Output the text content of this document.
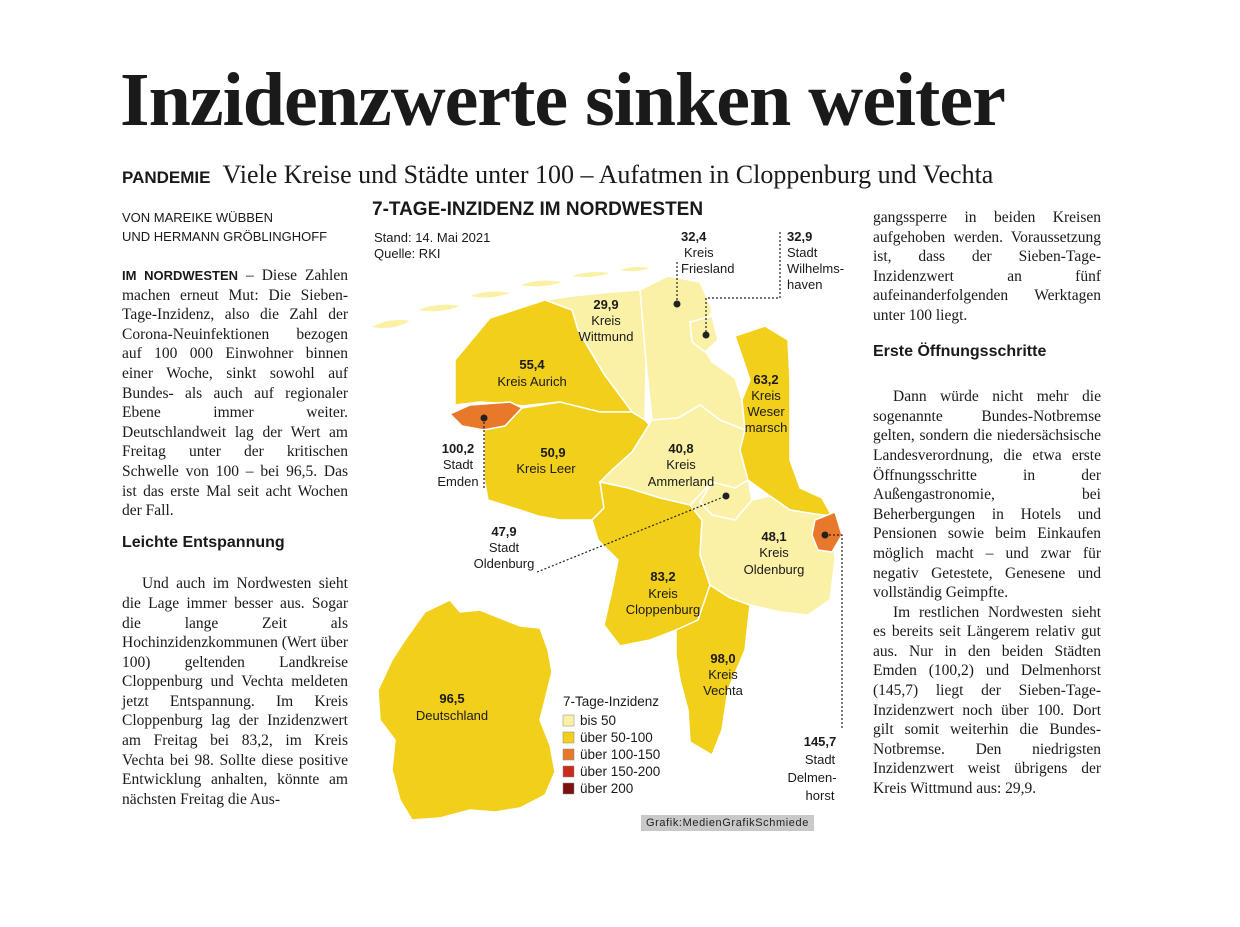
Inzidenzwerte sinken weiter
PANDEMIE Viele Kreise und Städte unter 100 – Aufatmen in Cloppenburg und Vechta
VON MAREIKE WÜBBEN
UND HERMANN GRÖBLINGHOFF

IM NORDWESTEN – Diese Zahlen machen erneut Mut: Die Sieben-Tage-Inzidenz, also die Zahl der Corona-Neuinfektionen bezogen auf 100 000 Einwohner binnen einer Woche, sinkt sowohl auf Bundes- als auch auf regionaler Ebene immer weiter. Deutschlandweit lag der Wert am Freitag unter der kritischen Schwelle von 100 – bei 96,5. Das ist das erste Mal seit acht Wochen der Fall.

Leichte Entspannung

Und auch im Nordwesten sieht die Lage immer besser aus. Sogar die lange Zeit als Hochinzidenzkommunen (Wert über 100) geltenden Landkreise Cloppenburg und Vechta meldeten jetzt Entspannung. Im Kreis Cloppenburg lag der Inzidenzwert am Freitag bei 83,2, im Kreis Vechta bei 98. Sollte diese positive Entwicklung anhalten, könnte am nächsten Freitag die Aus-

gangssperre in beiden Kreisen aufgehoben werden. Voraussetzung ist, dass der Sieben-Tage-Inzidenzwert an fünf aufeinanderfolgenden Werktagen unter 100 liegt.

Erste Öffnungsschritte

Dann würde nicht mehr die sogenannte Bundes-Notbremse gelten, sondern die niedersächsische Landesverordnung, die etwa erste Öffnungsschritte in der Außengastronomie, bei Beherbergungen in Hotels und Pensionen sowie beim Einkaufen möglich macht – und zwar für negativ Getestete, Genesene und vollständig Geimpfte.

Im restlichen Nordwesten sieht es bereits seit Längerem relativ gut aus. Nur in den beiden Städten Emden (100,2) und Delmenhorst (145,7) liegt der Sieben-Tage-Inzidenzwert noch über 100. Dort gilt somit weiterhin die Bundes-Notbremse. Den niedrigsten Inzidenzwert weist übrigens der Kreis Wittmund aus: 29,9.

7-TAGE-INZIDENZ IM NORDWESTEN
Stand: 14. Mai 2021
Quelle: RKI
29,9
Kreis
Wittmund
32,4
Kreis
Friesland
32,9
Stadt
Wilhelms-
haven
55,4
Kreis Aurich	63,2
Kreis
Weser
marsch
100,2
Stadt
Emden
50,9
Kreis Leer
40,8
Kreis
Ammerland
47,9
Stadt
Oldenburg
48,1
Kreis
Oldenburg
83,2
Kreis
Cloppenburg
98,0
Kreis
Vechta
145,7
Stadt
Delmen-
horst
96,5
Deutschland
7-Tage-Inzidenz
bis 50
über 50-100
über 100-150
über 150-200
über 200
Grafik:MedienGrafikSchmiede
